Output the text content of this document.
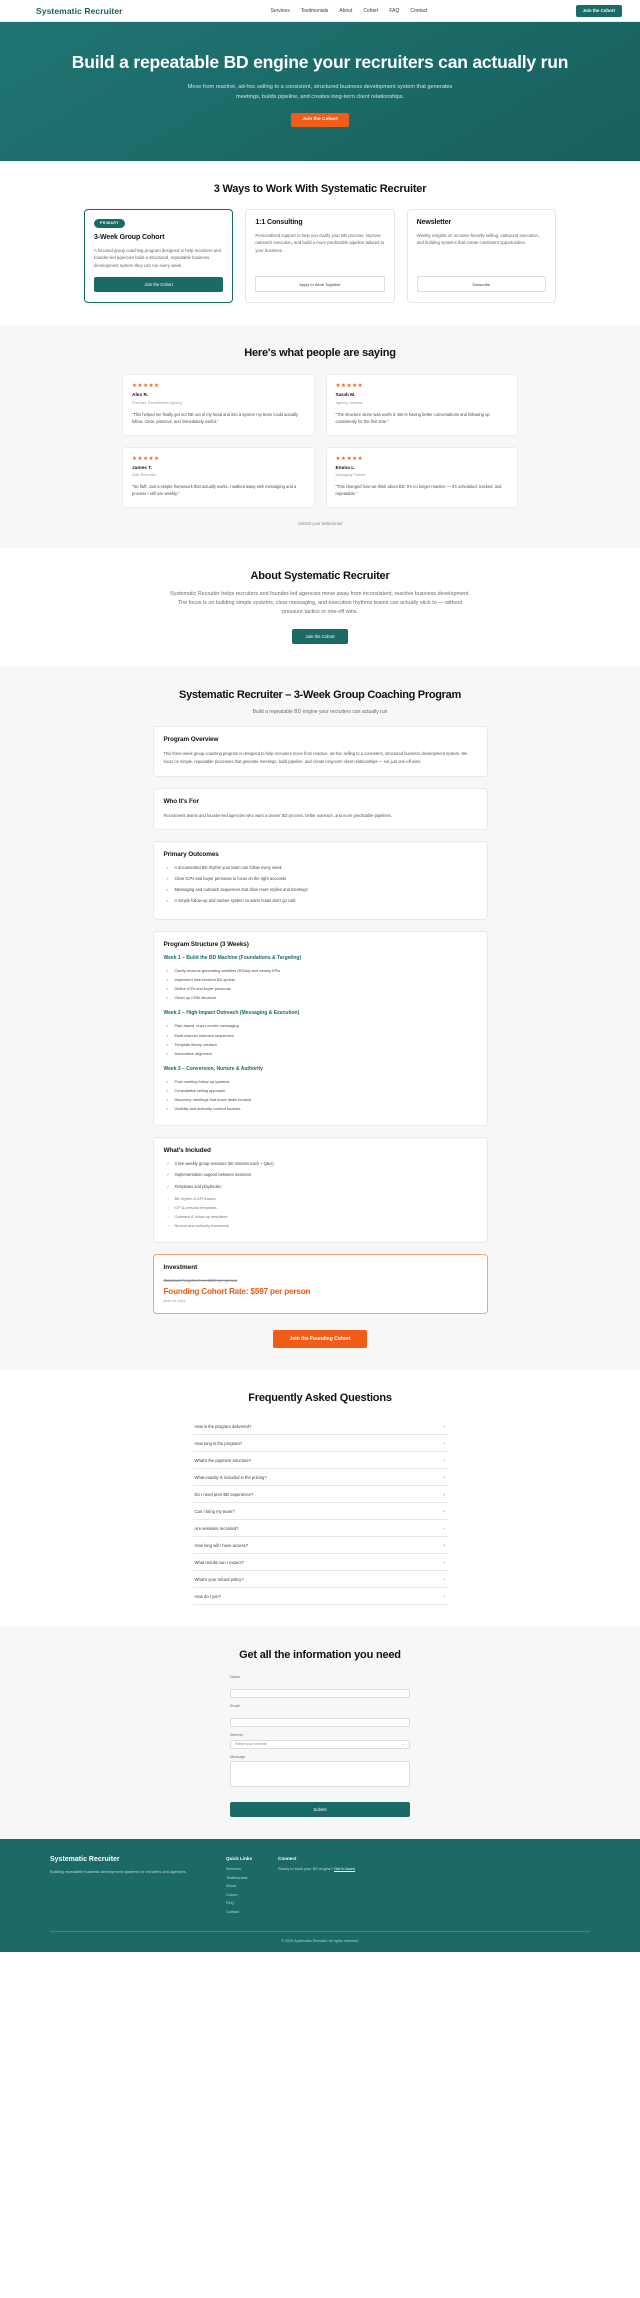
Systematic Recruiter	Services Testimonials About Cohort FAQ Contact	Join the Cohort
Build a repeatable BD engine your recruiters can actually run

Move from reactive, ad-hoc selling to a consistent, structured business development system that generates meetings, builds pipeline, and creates long-term client relationships.

Join the Cohort
3 Ways to Work With Systematic Recruiter
PRIMARY
3-Week Group Cohort

A focused group coaching program designed to help recruiters and founder-led agencies build a structured, repeatable business development system they can run every week.

Join the Cohort
1:1 Consulting

Personalized support to help you clarify your BD process, improve outreach execution, and build a more predictable pipeline tailored to your business.

Apply to Work Together
Newsletter

Weekly insights on recruiter-friendly selling, outbound execution, and building systems that create consistent opportunities.

Subscribe
Here's what people are saying
★★★★★
Alex R.
Founder, Recruitment Agency
"This helped me finally get our BD out of my head and into a system my team could actually follow. Clear, practical, and immediately useful."
★★★★★
Sarah M.
Agency Director
"The structure alone was worth it. We're having better conversations and following up consistently for the first time."
★★★★★
James T.
Solo Recruiter
"No fluff. Just a simple framework that actually works. I walked away with messaging and a process I still use weekly."
★★★★★
Emma L.
Managing Partner
"This changed how we think about BD. It's no longer reactive — it's scheduled, tracked, and repeatable."
Submit your testimonial
About Systematic Recruiter
Systematic Recruiter helps recruiters and founder-led agencies move away from inconsistent, reactive business development. The focus is on building simple systems, clear messaging, and execution rhythms teams can actually stick to — without pressure tactics or one-off wins.
Join the Cohort
Systematic Recruiter – 3-Week Group Coaching Program
Build a repeatable BD engine your recruiters can actually run
Program Overview

This three-week group coaching program is designed to help recruiters move from reactive, ad-hoc selling to a consistent, structured business development system. We focus on simple, repeatable processes that generate meetings, build pipeline, and create long-term client relationships — not just one-off wins.

Who It's For

Recruitment teams and founder-led agencies who want a clearer BD process, better outreach, and more predictable pipelines.

Primary Outcomes
▪ A documented BD rhythm your team can follow every week
▪ Clear ICPs and buyer personas to focus on the right accounts
▪ Messaging and outreach sequences that drive more replies and meetings
▪ A simple follow-up and nurture system so warm leads don't go cold
Program Structure (3 Weeks)
Week 1 – Build the BD Machine (Foundations & Targeting)
▪ Clarify revenue-generating activities (RGAs) and weekly KPIs
▪ Implement time-blocked BD sprints
▪ Define ICPs and buyer personas
▪ Clean up CRM structure
Week 2 – High-Impact Outreach (Messaging & Execution)
▪ Pain-based, buyer-centric messaging
▪ Multi-channel outreach sequences
▪ Template library creation
▪ Automation alignment
Week 3 – Conversion, Nurture & Authority
▪ Post-meeting follow-up systems
▪ Consultative selling approach
▪ Discovery meetings that move deals forward
▪ Visibility and authority content buckets
What's Included
✓ 3 live weekly group sessions (60 minutes each + Q&A)
✓ Implementation support between sessions
✓ Templates and playbooks:
▪ BD rhythm & KPI tracker
▪ ICP & persona templates
▪ Outreach & follow-up templates
▪ Nurture and authority framework
Investment
Standard Program Fee: $997 per person
Founding Cohort Rate: $597 per person
(first run only)
Join the Founding Cohort
Frequently Asked Questions
How is the program delivered?	+
How long is the program?	+
What's the payment structure?	+
What exactly is included in the pricing?	+
Do I need prior BD experience?	+
Can I bring my team?	+
Are sessions recorded?	+
How long will I have access?	+
What results can I expect?	+
What's your refund policy?	+
How do I join?	+
Get all the information you need
Name
Email
Interest
Select your interest	⌄
Message
Submit
Systematic Recruiter
Building repeatable business development systems for recruiters and agencies.
Quick Links
Services
Testimonials
About
Cohort
FAQ
Contact
Connect
Ready to build your BD engine? Get in touch
© 2025 Systematic Recruiter. All rights reserved.
